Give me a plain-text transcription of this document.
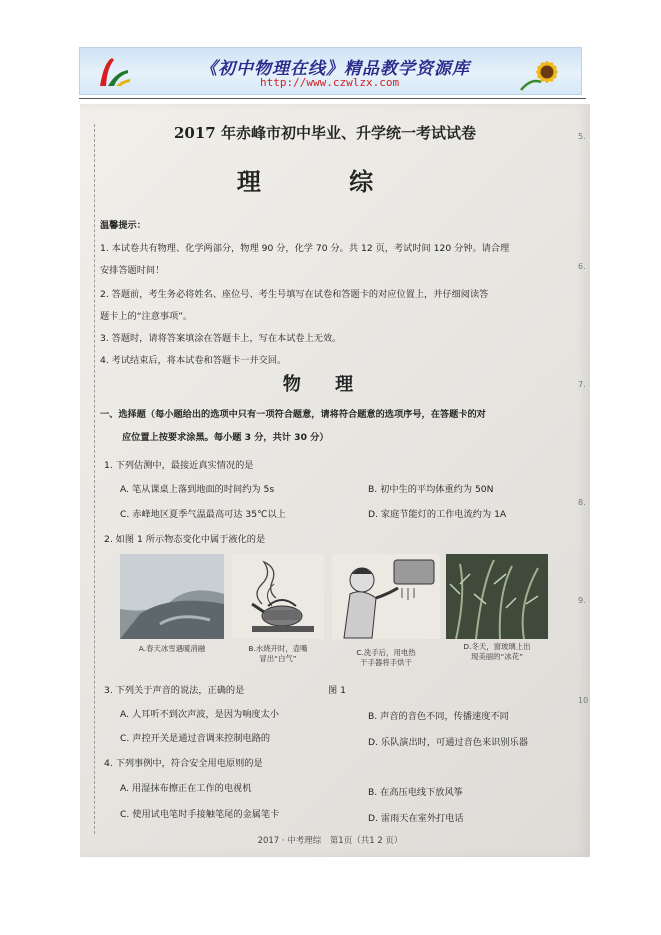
《初中物理在线》精品教学资源库
http://www.czwlzx.com
5.
6.
7.
8.
9.
10
2017 年赤峰市初中毕业、升学统一考试试卷
理 综
温馨提示：
1. 本试卷共有物理、化学两部分，物理 90 分，化学 70 分。共 12 页，考试时间 120 分钟。请合理
安排答题时间！
2. 答题前，考生务必将姓名、座位号、考生号填写在试卷和答题卡的对应位置上，并仔细阅读答
题卡上的“注意事项”。
3. 答题时，请将答案填涂在答题卡上，写在本试卷上无效。
4. 考试结束后，将本试卷和答题卡一并交回。
物 理
一、选择题（每小题给出的选项中只有一项符合题意，请将符合题意的选项序号，在答题卡的对
应位置上按要求涂黑。每小题 3 分，共计 30 分）
1. 下列估测中，最接近真实情况的是
A. 笔从课桌上落到地面的时间约为 5s	B. 初中生的平均体重约为 50N
C. 赤峰地区夏季气温最高可达 35℃以上	D. 家庭节能灯的工作电流约为 1A
2. 如图 1 所示物态变化中属于液化的是
A.春天冰雪遇暖消融	B.水烧开时，壶嘴
冒出“白气”
C.洗手后，用电热
干手器将手烘干
D.冬天，窗玻璃上出
现美丽的“冰花”
3. 下列关于声音的说法，正确的是	图 1
A. 人耳听不到次声波，是因为响度太小	B. 声音的音色不同，传播速度不同
C. 声控开关是通过音调来控制电路的	D. 乐队演出时，可通过音色来识别乐器
4. 下列事例中，符合安全用电原则的是
A. 用湿抹布擦正在工作的电视机	B. 在高压电线下放风筝
C. 使用试电笔时手接触笔尾的金属笔卡	D. 雷雨天在室外打电话
2017 · 中考理综　第1页（共1 2 页）
